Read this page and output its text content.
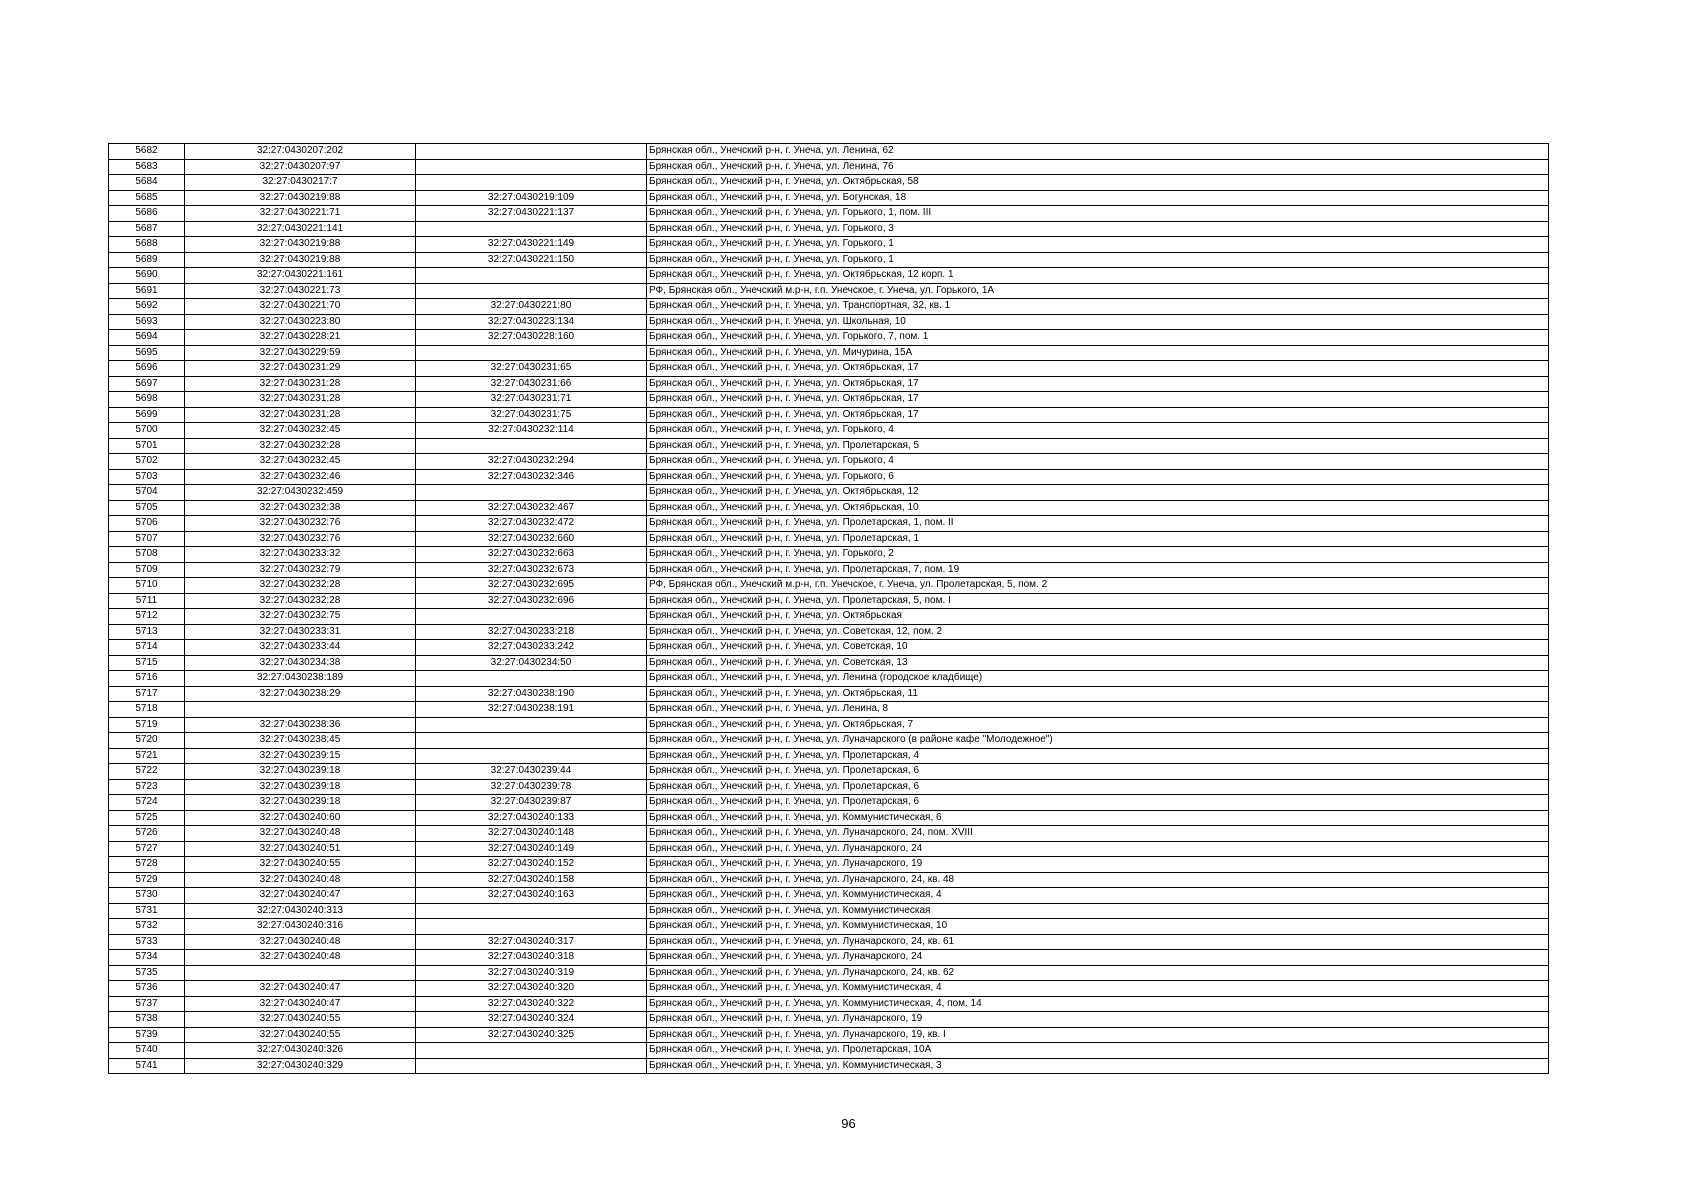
5682	32:27:0430207:202		Брянская обл., Унечский р-н, г. Унеча, ул. Ленина, 62
5683	32:27:0430207:97		Брянская обл., Унечский р-н, г. Унеча, ул. Ленина, 76
5684	32:27:0430217:7		Брянская обл., Унечский р-н, г. Унеча, ул. Октябрьская, 58
5685	32:27:0430219:88	32:27:0430219:109	Брянская обл., Унечский р-н, г. Унеча, ул. Богунская, 18
5686	32:27:0430221:71	32:27:0430221:137	Брянская обл., Унечский р-н, г. Унеча, ул. Горького, 1, пом. III
5687	32:27:0430221:141		Брянская обл., Унечский р-н, г. Унеча, ул. Горького, 3
5688	32:27:0430219:88	32:27:0430221:149	Брянская обл., Унечский р-н, г. Унеча, ул. Горького, 1
5689	32:27:0430219:88	32:27:0430221:150	Брянская обл., Унечский р-н, г. Унеча, ул. Горького, 1
5690	32:27:0430221:161		Брянская обл., Унечский р-н, г. Унеча, ул. Октябрьская, 12 корп. 1
5691	32:27:0430221:73		РФ, Брянская обл., Унечский м.р-н, г.п. Унечское, г. Унеча, ул. Горького, 1А
5692	32:27:0430221:70	32:27:0430221:80	Брянская обл., Унечский р-н, г. Унеча, ул. Транспортная, 32, кв. 1
5693	32:27:0430223:80	32:27:0430223:134	Брянская обл., Унечский р-н, г. Унеча, ул. Школьная, 10
5694	32:27:0430228:21	32:27:0430228:160	Брянская обл., Унечский р-н, г. Унеча, ул. Горького, 7, пом. 1
5695	32:27:0430229:59		Брянская обл., Унечский р-н, г. Унеча, ул. Мичурина, 15А
5696	32:27:0430231:29	32:27:0430231:65	Брянская обл., Унечский р-н, г. Унеча, ул. Октябрьская, 17
5697	32:27:0430231:28	32:27:0430231:66	Брянская обл., Унечский р-н, г. Унеча, ул. Октябрьская, 17
5698	32:27:0430231:28	32:27:0430231:71	Брянская обл., Унечский р-н, г. Унеча, ул. Октябрьская, 17
5699	32:27:0430231:28	32:27:0430231:75	Брянская обл., Унечский р-н, г. Унеча, ул. Октябрьская, 17
5700	32:27:0430232:45	32:27:0430232:114	Брянская обл., Унечский р-н, г. Унеча, ул. Горького, 4
5701	32:27:0430232:28		Брянская обл., Унечский р-н, г. Унеча, ул. Пролетарская, 5
5702	32:27:0430232:45	32:27:0430232:294	Брянская обл., Унечский р-н, г. Унеча, ул. Горького, 4
5703	32:27:0430232:46	32:27:0430232:346	Брянская обл., Унечский р-н, г. Унеча, ул. Горького, 6
5704	32:27:0430232:459		Брянская обл., Унечский р-н, г. Унеча, ул. Октябрьская, 12
5705	32:27:0430232:38	32:27:0430232:467	Брянская обл., Унечский р-н, г. Унеча, ул. Октябрьская, 10
5706	32:27:0430232:76	32:27:0430232:472	Брянская обл., Унечский р-н, г. Унеча, ул. Пролетарская, 1, пом. II
5707	32:27:0430232:76	32:27:0430232:660	Брянская обл., Унечский р-н, г. Унеча, ул. Пролетарская, 1
5708	32:27:0430233:32	32:27:0430232:663	Брянская обл., Унечский р-н, г. Унеча, ул. Горького, 2
5709	32:27:0430232:79	32:27:0430232:673	Брянская обл., Унечский р-н, г. Унеча, ул. Пролетарская, 7, пом. 19
5710	32:27:0430232:28	32:27:0430232:695	РФ, Брянская обл., Унечский м.р-н, г.п. Унечское, г. Унеча, ул. Пролетарская, 5, пом. 2
5711	32:27:0430232:28	32:27:0430232:696	Брянская обл., Унечский р-н, г. Унеча, ул. Пролетарская, 5, пом. I
5712	32:27:0430232:75		Брянская обл., Унечский р-н, г. Унеча, ул. Октябрьская
5713	32:27:0430233:31	32:27:0430233:218	Брянская обл., Унечский р-н, г. Унеча, ул. Советская, 12, пом. 2
5714	32:27:0430233:44	32:27:0430233:242	Брянская обл., Унечский р-н, г. Унеча, ул. Советская, 10
5715	32:27:0430234:38	32:27:0430234:50	Брянская обл., Унечский р-н, г. Унеча, ул. Советская, 13
5716	32:27:0430238:189		Брянская обл., Унечский р-н, г. Унеча, ул. Ленина (городское кладбище)
5717	32:27:0430238:29	32:27:0430238:190	Брянская обл., Унечский р-н, г. Унеча, ул. Октябрьская, 11
5718		32:27:0430238:191	Брянская обл., Унечский р-н, г. Унеча, ул. Ленина, 8
5719	32:27:0430238:36		Брянская обл., Унечский р-н, г. Унеча, ул. Октябрьская, 7
5720	32:27:0430238:45		Брянская обл., Унечский р-н, г. Унеча, ул. Луначарского (в районе кафе "Молодежное")
5721	32:27:0430239:15		Брянская обл., Унечский р-н, г. Унеча, ул. Пролетарская, 4
5722	32:27:0430239:18	32:27:0430239:44	Брянская обл., Унечский р-н, г. Унеча, ул. Пролетарская, 6
5723	32:27:0430239:18	32:27:0430239:78	Брянская обл., Унечский р-н, г. Унеча, ул. Пролетарская, 6
5724	32:27:0430239:18	32:27:0430239:87	Брянская обл., Унечский р-н, г. Унеча, ул. Пролетарская, 6
5725	32:27:0430240:60	32:27:0430240:133	Брянская обл., Унечский р-н, г. Унеча, ул. Коммунистическая, 6
5726	32:27:0430240:48	32:27:0430240:148	Брянская обл., Унечский р-н, г. Унеча, ул. Луначарского, 24, пом. XVIII
5727	32:27:0430240:51	32:27:0430240:149	Брянская обл., Унечский р-н, г. Унеча, ул. Луначарского, 24
5728	32:27:0430240:55	32:27:0430240:152	Брянская обл., Унечский р-н, г. Унеча, ул. Луначарского, 19
5729	32:27:0430240:48	32:27:0430240:158	Брянская обл., Унечский р-н, г. Унеча, ул. Луначарского, 24, кв. 48
5730	32:27:0430240:47	32:27:0430240:163	Брянская обл., Унечский р-н, г. Унеча, ул. Коммунистическая, 4
5731	32:27:0430240:313		Брянская обл., Унечский р-н, г. Унеча, ул. Коммунистическая
5732	32:27:0430240:316		Брянская обл., Унечский р-н, г. Унеча, ул. Коммунистическая, 10
5733	32:27:0430240:48	32:27:0430240:317	Брянская обл., Унечский р-н, г. Унеча, ул. Луначарского, 24, кв. 61
5734	32:27:0430240:48	32:27:0430240:318	Брянская обл., Унечский р-н, г. Унеча, ул. Луначарского, 24
5735		32:27:0430240:319	Брянская обл., Унечский р-н, г. Унеча, ул. Луначарского, 24, кв. 62
5736	32:27:0430240:47	32:27:0430240:320	Брянская обл., Унечский р-н, г. Унеча, ул. Коммунистическая, 4
5737	32:27:0430240:47	32:27:0430240:322	Брянская обл., Унечский р-н, г. Унеча, ул. Коммунистическая, 4, пом. 14
5738	32:27:0430240:55	32:27:0430240:324	Брянская обл., Унечский р-н, г. Унеча, ул. Луначарского, 19
5739	32:27:0430240:55	32:27:0430240:325	Брянская обл., Унечский р-н, г. Унеча, ул. Луначарского, 19, кв. I
5740	32:27:0430240:326		Брянская обл., Унечский р-н, г. Унеча, ул. Пролетарская, 10А
5741	32:27:0430240:329		Брянская обл., Унечский р-н, г. Унеча, ул. Коммунистическая, 3
96
